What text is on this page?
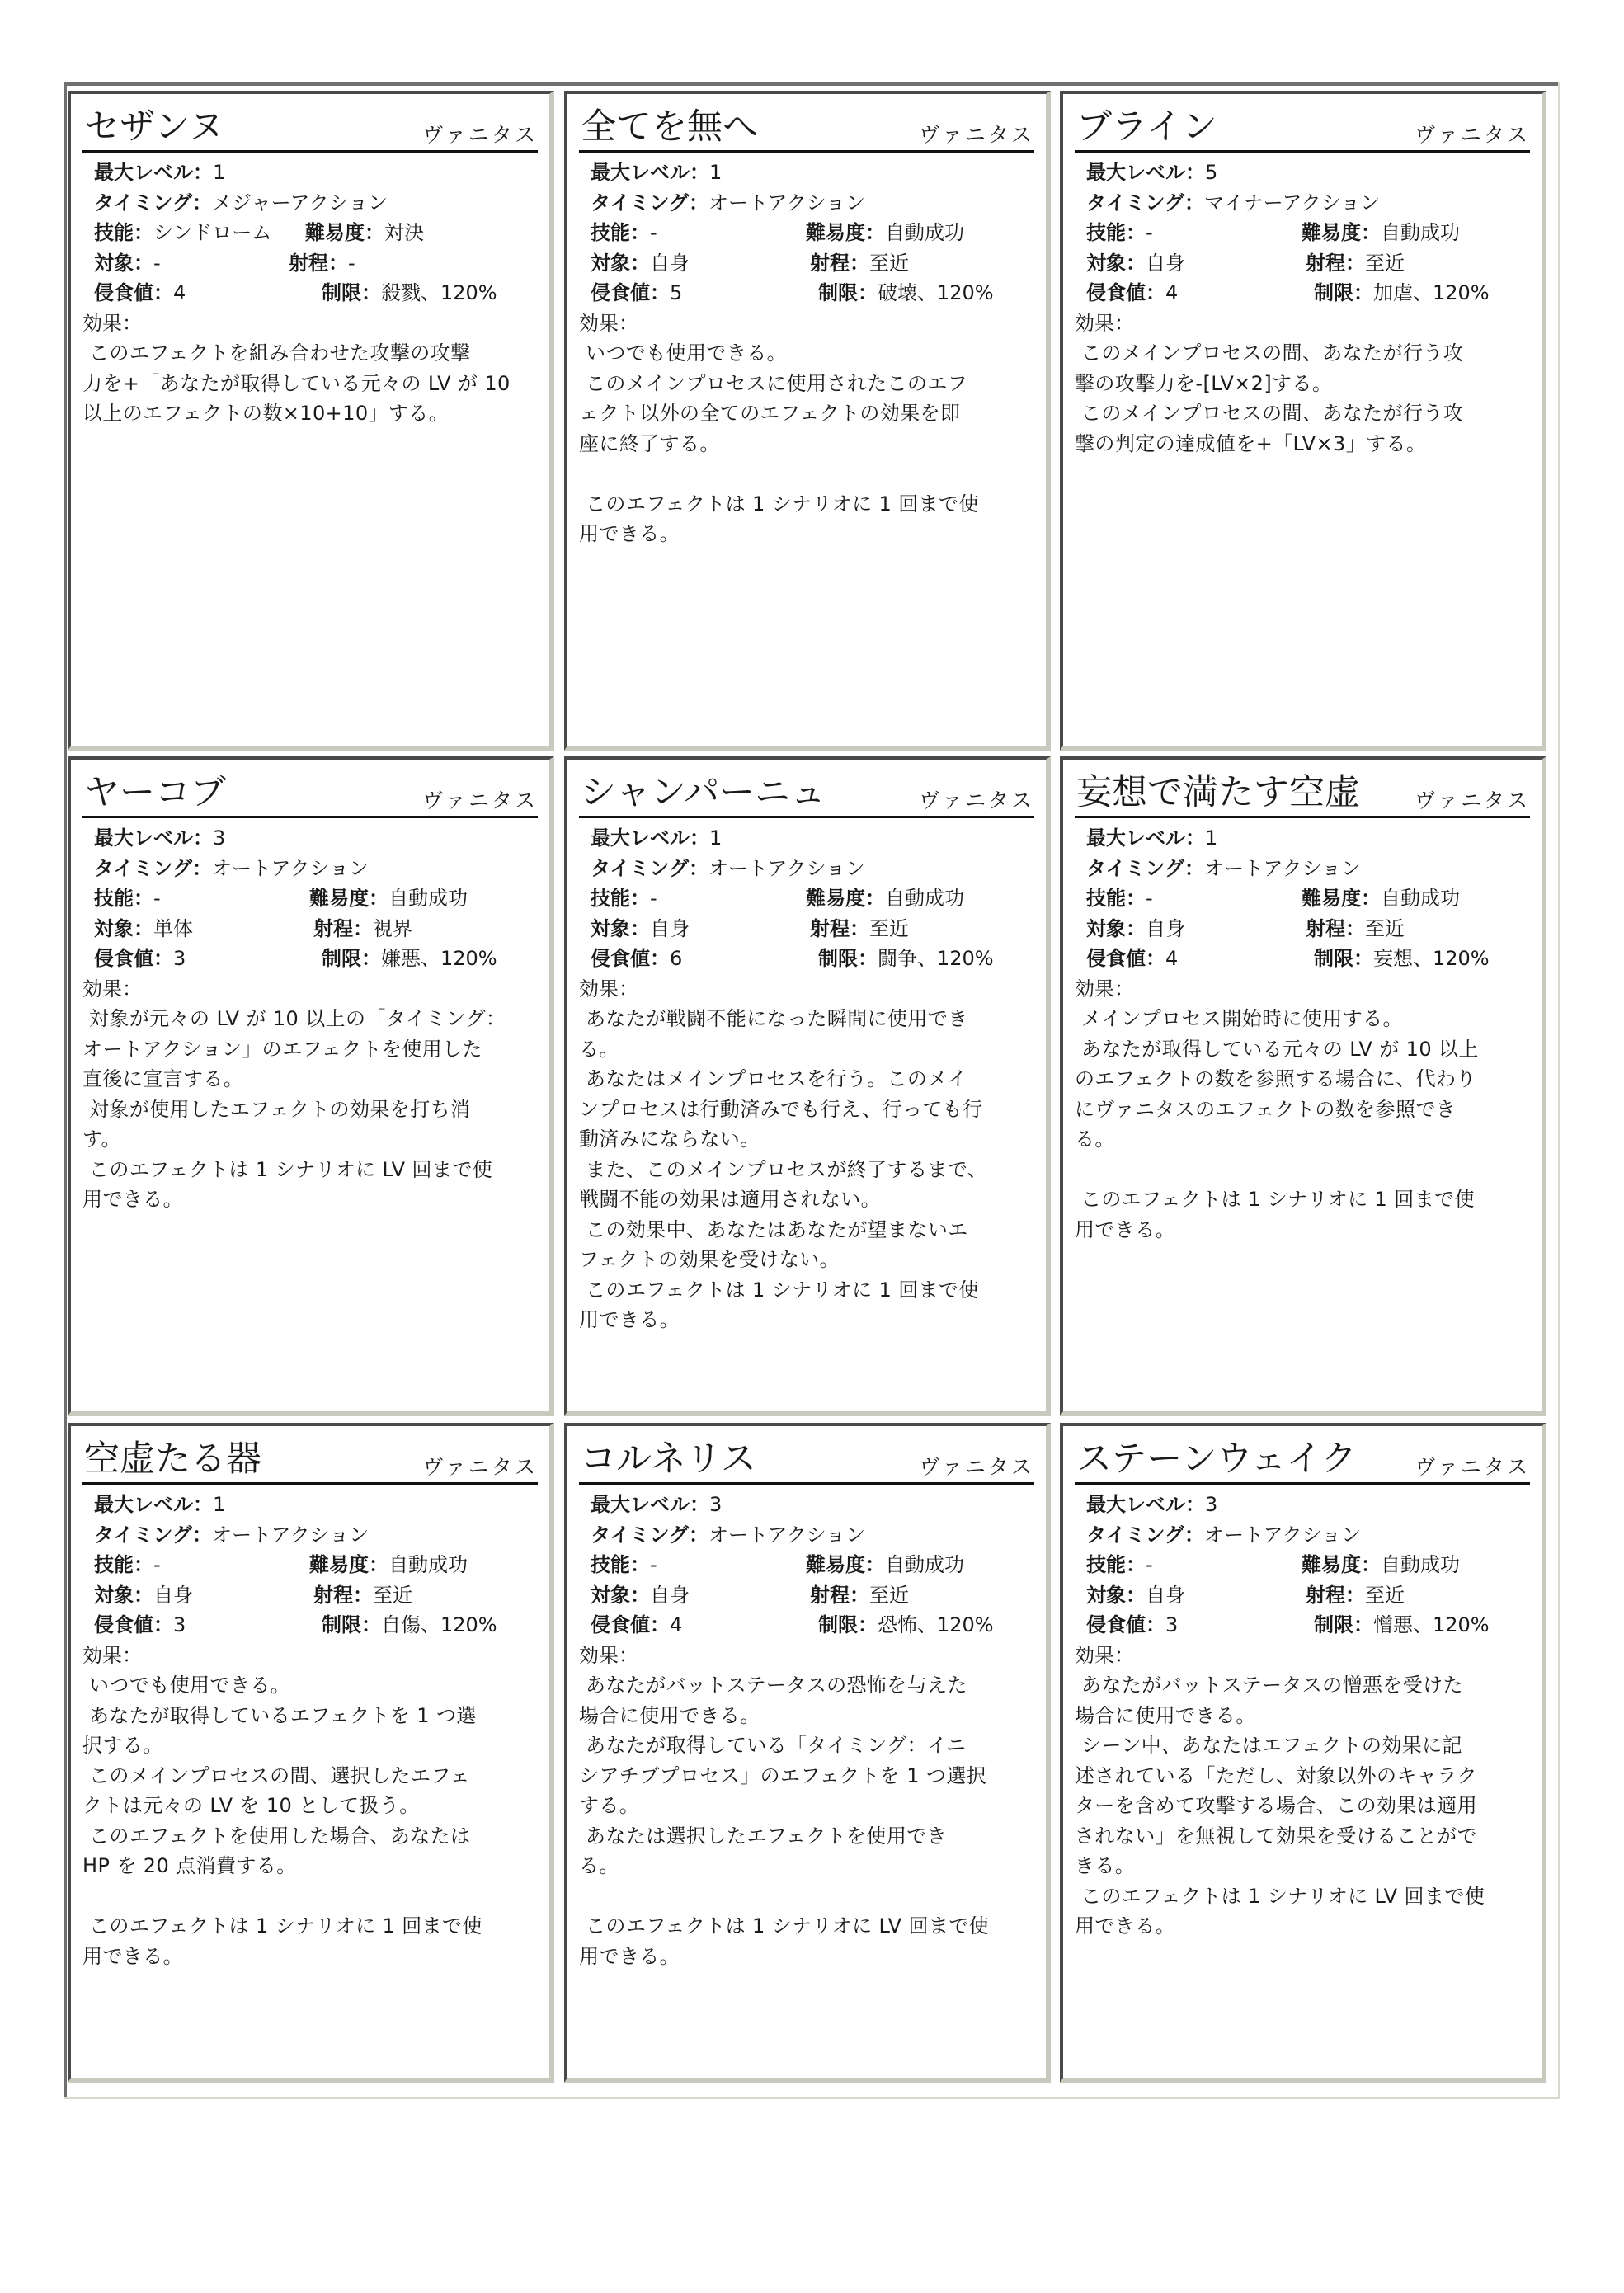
セザンヌ	ヴァニタス
最大レベル：1
タイミング：メジャーアクション
技能：シンドローム 難易度：対決
対象：-	射程：-
侵食値：4	制限：殺戮、120%
効果：

このエフェクトを組み合わせた攻撃の攻撃
力を+「あなたが取得している元々の LV が 10
以上のエフェクトの数×10+10」する。

全てを無へ	ヴァニタス
最大レベル：1
タイミング：オートアクション
技能：-	難易度：自動成功
対象：自身	射程：至近
侵食値：5	制限：破壊、120%
効果：

いつでも使用できる。
このメインプロセスに使用されたこのエフ
ェクト以外の全てのエフェクトの効果を即
座に終了する。

このエフェクトは 1 シナリオに 1 回まで使
用できる。

ブライン	ヴァニタス
最大レベル：5
タイミング：マイナーアクション
技能：-	難易度：自動成功
対象：自身	射程：至近
侵食値：4	制限：加虐、120%
効果：

このメインプロセスの間、あなたが行う攻
撃の攻撃力を-[LV×2]する。
このメインプロセスの間、あなたが行う攻
撃の判定の達成値を+「LV×3」する。

ヤーコブ	ヴァニタス
最大レベル：3
タイミング：オートアクション
技能：-	難易度：自動成功
対象：単体	射程：視界
侵食値：3	制限：嫌悪、120%
効果：

対象が元々の LV が 10 以上の「タイミング：
オートアクション」のエフェクトを使用した
直後に宣言する。
対象が使用したエフェクトの効果を打ち消
す。
このエフェクトは 1 シナリオに LV 回まで使
用できる。

シャンパーニュ	ヴァニタス
最大レベル：1
タイミング：オートアクション
技能：-	難易度：自動成功
対象：自身	射程：至近
侵食値：6	制限：闘争、120%
効果：

あなたが戦闘不能になった瞬間に使用でき
る。
あなたはメインプロセスを行う。このメイ
ンプロセスは行動済みでも行え、行っても行
動済みにならない。
また、このメインプロセスが終了するまで、
戦闘不能の効果は適用されない。
この効果中、あなたはあなたが望まないエ
フェクトの効果を受けない。
このエフェクトは 1 シナリオに 1 回まで使
用できる。

妄想で満たす空虚	ヴァニタス
最大レベル：1
タイミング：オートアクション
技能：-	難易度：自動成功
対象：自身	射程：至近
侵食値：4	制限：妄想、120%
効果：

メインプロセス開始時に使用する。
あなたが取得している元々の LV が 10 以上
のエフェクトの数を参照する場合に、代わり
にヴァニタスのエフェクトの数を参照でき
る。

このエフェクトは 1 シナリオに 1 回まで使
用できる。

空虚たる器	ヴァニタス
最大レベル：1
タイミング：オートアクション
技能：-	難易度：自動成功
対象：自身	射程：至近
侵食値：3	制限：自傷、120%
効果：

いつでも使用できる。
あなたが取得しているエフェクトを 1 つ選
択する。
このメインプロセスの間、選択したエフェ
クトは元々の LV を 10 として扱う。
このエフェクトを使用した場合、あなたは
HP を 20 点消費する。

このエフェクトは 1 シナリオに 1 回まで使
用できる。

コルネリス	ヴァニタス
最大レベル：3
タイミング：オートアクション
技能：-	難易度：自動成功
対象：自身	射程：至近
侵食値：4	制限：恐怖、120%
効果：

あなたがバットステータスの恐怖を与えた
場合に使用できる。
あなたが取得している「タイミング：イニ
シアチブプロセス」のエフェクトを 1 つ選択
する。
あなたは選択したエフェクトを使用でき
る。

このエフェクトは 1 シナリオに LV 回まで使
用できる。

ステーンウェイク	ヴァニタス
最大レベル：3
タイミング：オートアクション
技能：-	難易度：自動成功
対象：自身	射程：至近
侵食値：3	制限：憎悪、120%
効果：

あなたがバットステータスの憎悪を受けた
場合に使用できる。
シーン中、あなたはエフェクトの効果に記
述されている「ただし、対象以外のキャラク
ターを含めて攻撃する場合、この効果は適用
されない」を無視して効果を受けることがで
きる。
このエフェクトは 1 シナリオに LV 回まで使
用できる。
